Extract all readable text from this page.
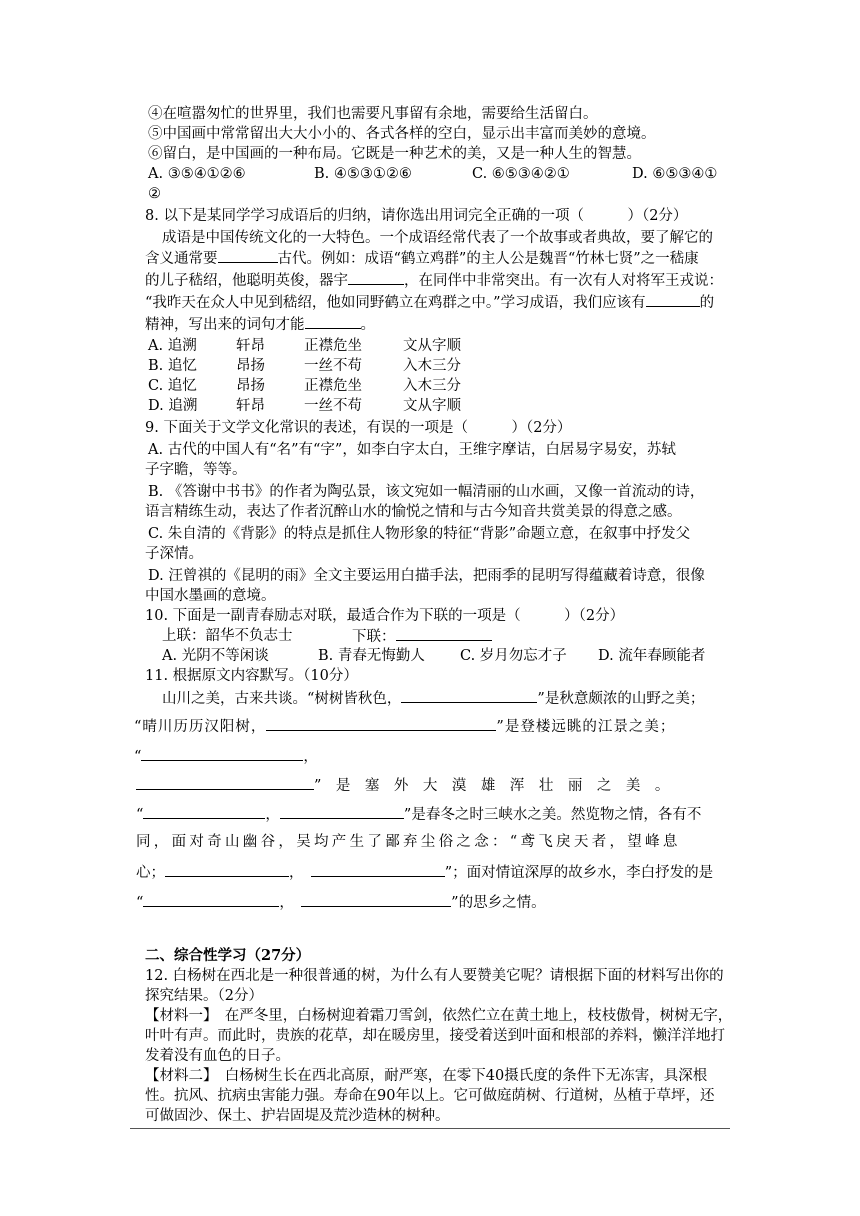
④在喧嚣匆忙的世界里，我们也需要凡事留有余地，需要给生活留白。
⑤中国画中常常留出大大小小的、各式各样的空白，显示出丰富而美妙的意境。
⑥留白，是中国画的一种布局。它既是一种艺术的美，又是一种人生的智慧。
A. ③⑤④①②⑥	B. ④⑤③①②⑥	C. ⑥⑤③④②①	D. ⑥⑤③④①
②
8. 以下是某同学学习成语后的归纳，请你选出用词完全正确的一项（　　　）（2分）
成语是中国传统文化的一大特色。一个成语经常代表了一个故事或者典故，要了解它的
含义通常要	古代。例如：成语“鹤立鸡群”的主人公是魏晋“竹林七贤”之一嵇康
的儿子嵇绍，他聪明英俊，器宇	，在同伴中非常突出。有一次有人对将军王戎说：
“我昨天在众人中见到嵇绍，他如同野鹤立在鸡群之中。”学习成语，我们应该有	的
精神，写出来的词句才能	。
A. 追溯	轩昂	正襟危坐	文从字顺
B. 追忆	昂扬	一丝不苟	入木三分
C. 追忆	昂扬	正襟危坐	入木三分
D. 追溯	轩昂	一丝不苟	文从字顺
9. 下面关于文学文化常识的表述，有误的一项是（　　　）（2分）
A. 古代的中国人有“名”有“字”，如李白字太白，王维字摩诘，白居易字易安，苏轼
子字瞻，等等。
B. 《答谢中书书》的作者为陶弘景，该文宛如一幅清丽的山水画，又像一首流动的诗，
语言精练生动，表达了作者沉醉山水的愉悦之情和与古今知音共赏美景的得意之感。
C. 朱自清的《背影》的特点是抓住人物形象的特征“背影”命题立意，在叙事中抒发父
子深情。
D. 汪曾祺的《昆明的雨》全文主要运用白描手法，把雨季的昆明写得蕴藏着诗意，很像
中国水墨画的意境。
10. 下面是一副青春励志对联，最适合作为下联的一项是（　　　）（2分）
上联：韶华不负志士	下联：
A. 光阴不等闲谈	B. 青春无悔勤人 C. 岁月勿忘才子 D. 流年春顾能者
11. 根据原文内容默写。（10分）
山川之美，古来共谈。“树树皆秋色，	”是秋意颇浓的山野之美；
“晴川历历汉阳树，	”是登楼远眺的江景之美；
“	，
”　是　塞　外　大　漠　雄　浑　壮　丽　之　美　。
“	，	”是春冬之时三峡水之美。然览物之情，各有不
同，面对奇山幽谷，吴均产生了鄙弃尘俗之念：“鸢飞戾天者，望峰息
心；	，　	”；面对情谊深厚的故乡水，李白抒发的是
“	，　	”的思乡之情。
二、综合性学习（27分）
12. 白杨树在西北是一种很普通的树，为什么有人要赞美它呢？请根据下面的材料写出你的
探究结果。（2分）
【材料一】　在严冬里，白杨树迎着霜刀雪剑，依然伫立在黄土地上，枝枝傲骨，树树无字，
叶叶有声。而此时，贵族的花草，却在暖房里，接受着送到叶面和根部的养料，懒洋洋地打
发着没有血色的日子。
【材料二】　白杨树生长在西北高原，耐严寒，在零下40摄氏度的条件下无冻害，具深根
性。抗风、抗病虫害能力强。寿命在90年以上。它可做庭荫树、行道树，丛植于草坪，还
可做固沙、保土、护岩固堤及荒沙造林的树种。
